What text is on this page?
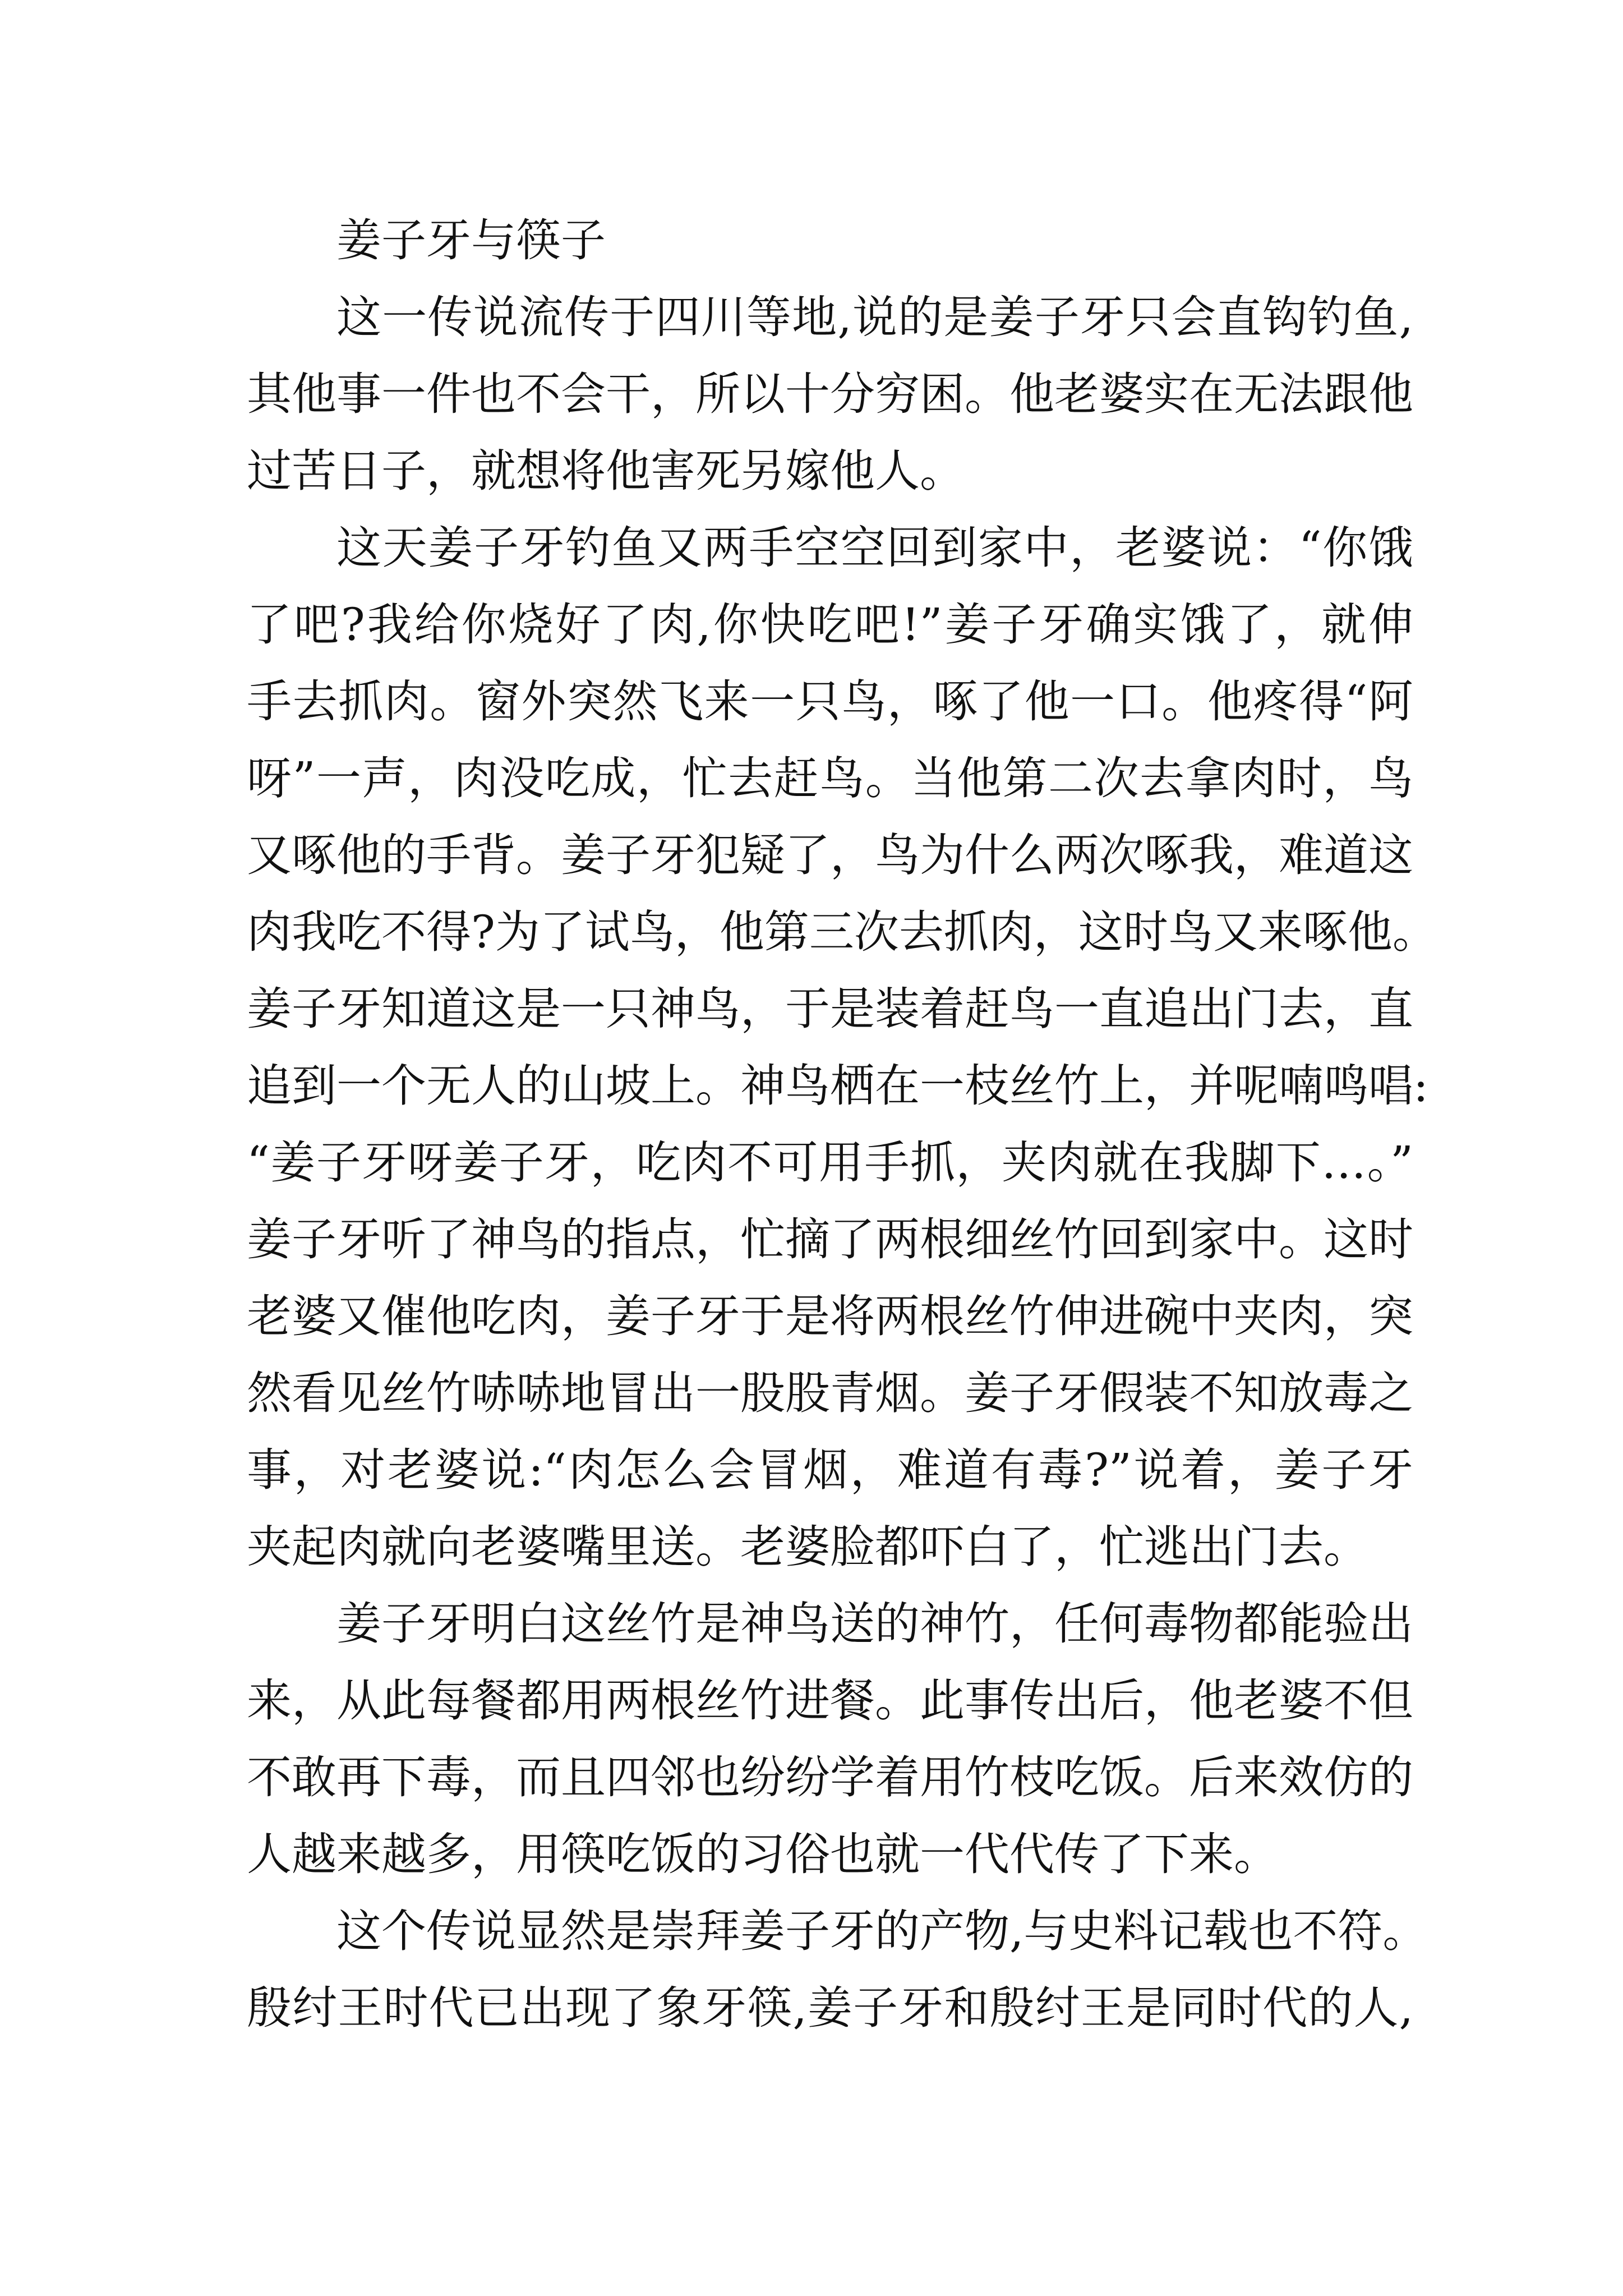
姜子牙与筷子
这一传说流传于四川等地,说的是姜子牙只会直钩钓鱼,
其他事一件也不会干，所以十分穷困。他老婆实在无法跟他
过苦日子，就想将他害死另嫁他人。
这天姜子牙钓鱼又两手空空回到家中，老婆说：“你饿
了吧?我给你烧好了肉,你快吃吧!”姜子牙确实饿了，就伸
手去抓肉。窗外突然飞来一只鸟，啄了他一口。他疼得“阿
呀”一声，肉没吃成，忙去赶鸟。当他第二次去拿肉时，鸟
又啄他的手背。姜子牙犯疑了，鸟为什么两次啄我，难道这
肉我吃不得?为了试鸟，他第三次去抓肉，这时鸟又来啄他。
姜子牙知道这是一只神鸟，于是装着赶鸟一直追出门去，直
追到一个无人的山坡上。神鸟栖在一枝丝竹上，并呢喃鸣唱:
“姜子牙呀姜子牙，吃肉不可用手抓，夹肉就在我脚下…。”
姜子牙听了神鸟的指点，忙摘了两根细丝竹回到家中。这时
老婆又催他吃肉，姜子牙于是将两根丝竹伸进碗中夹肉，突
然看见丝竹哧哧地冒出一股股青烟。姜子牙假装不知放毒之
事，对老婆说:“肉怎么会冒烟，难道有毒?”说着，姜子牙
夹起肉就向老婆嘴里送。老婆脸都吓白了，忙逃出门去。
姜子牙明白这丝竹是神鸟送的神竹，任何毒物都能验出
来，从此每餐都用两根丝竹进餐。此事传出后，他老婆不但
不敢再下毒，而且四邻也纷纷学着用竹枝吃饭。后来效仿的
人越来越多，用筷吃饭的习俗也就一代代传了下来。
这个传说显然是崇拜姜子牙的产物,与史料记载也不符。
殷纣王时代已出现了象牙筷,姜子牙和殷纣王是同时代的人,
